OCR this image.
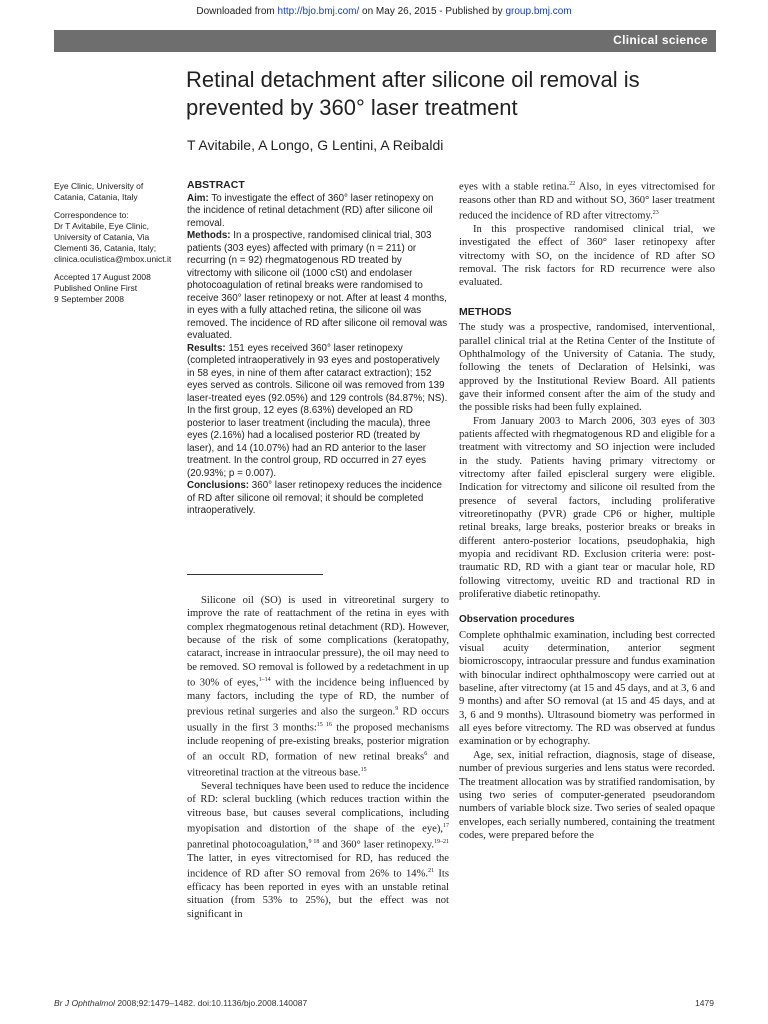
Downloaded from http://bjo.bmj.com/ on May 26, 2015 - Published by group.bmj.com
Clinical science
Retinal detachment after silicone oil removal is prevented by 360° laser treatment
T Avitabile, A Longo, G Lentini, A Reibaldi

Eye Clinic, University of Catania, Catania, Italy

Correspondence to:
Dr T Avitabile, Eye Clinic, University of Catania, Via Clementi 36, Catania, Italy; clinica.oculistica@mbox.unict.it

Accepted 17 August 2008
Published Online First
9 September 2008

ABSTRACT

Aim: To investigate the effect of 360° laser retinopexy on the incidence of retinal detachment (RD) after silicone oil removal.

Methods: In a prospective, randomised clinical trial, 303 patients (303 eyes) affected with primary (n = 211) or recurring (n = 92) rhegmatogenous RD treated by vitrectomy with silicone oil (1000 cSt) and endolaser photocoagulation of retinal breaks were randomised to receive 360° laser retinopexy or not. After at least 4 months, in eyes with a fully attached retina, the silicone oil was removed. The incidence of RD after silicone oil removal was evaluated.

Results: 151 eyes received 360° laser retinopexy (completed intraoperatively in 93 eyes and postoperatively in 58 eyes, in nine of them after cataract extraction); 152 eyes served as controls. Silicone oil was removed from 139 laser-treated eyes (92.05%) and 129 controls (84.87%; NS). In the first group, 12 eyes (8.63%) developed an RD posterior to laser treatment (including the macula), three eyes (2.16%) had a localised posterior RD (treated by laser), and 14 (10.07%) had an RD anterior to the laser treatment. In the control group, RD occurred in 27 eyes (20.93%; p = 0.007).

Conclusions: 360° laser retinopexy reduces the incidence of RD after silicone oil removal; it should be completed intraoperatively.

Silicone oil (SO) is used in vitreoretinal surgery to improve the rate of reattachment of the retina in eyes with complex rhegmatogenous retinal detachment (RD). However, because of the risk of some complications (keratopathy, cataract, increase in intraocular pressure), the oil may need to be removed. SO removal is followed by a redetachment in up to 30% of eyes,$^{1-14}$ with the incidence being influenced by many factors, including the type of RD, the number of previous retinal surgeries and also the surgeon.$^9$ RD occurs usually in the first 3 months:$^{15 16}$ the proposed mechanisms include reopening of pre-existing breaks, posterior migration of an occult RD, formation of new retinal breaks$^6$ and vitreoretinal traction at the vitreous base.$^{15}$

Several techniques have been used to reduce the incidence of RD: scleral buckling (which reduces traction within the vitreous base, but causes several complications, including myopisation and distortion of the shape of the eye),$^{17}$ panretinal photocoagulation,$^{9 18}$ and 360° laser retinopexy.$^{19-21}$ The latter, in eyes vitrectomised for RD, has reduced the incidence of RD after SO removal from 26% to 14%.$^{21}$ Its efficacy has been reported in eyes with an unstable retinal situation (from 53% to 25%), but the effect was not significant in

eyes with a stable retina.$^{22}$ Also, in eyes vitrectomised for reasons other than RD and without SO, 360° laser treatment reduced the incidence of RD after vitrectomy.$^{23}$

In this prospective randomised clinical trial, we investigated the effect of 360° laser retinopexy after vitrectomy with SO, on the incidence of RD after SO removal. The risk factors for RD recurrence were also evaluated.

METHODS

The study was a prospective, randomised, interventional, parallel clinical trial at the Retina Center of the Institute of Ophthalmology of the University of Catania. The study, following the tenets of Declaration of Helsinki, was approved by the Institutional Review Board. All patients gave their informed consent after the aim of the study and the possible risks had been fully explained.

From January 2003 to March 2006, 303 eyes of 303 patients affected with rhegmatogenous RD and eligible for a treatment with vitrectomy and SO injection were included in the study. Patients having primary vitrectomy or vitrectomy after failed episcleral surgery were eligible. Indication for vitrectomy and silicone oil resulted from the presence of several factors, including proliferative vitreoretinopathy (PVR) grade CP6 or higher, multiple retinal breaks, large breaks, posterior breaks or breaks in different antero-posterior locations, pseudophakia, high myopia and recidivant RD. Exclusion criteria were: post-traumatic RD, RD with a giant tear or macular hole, RD following vitrectomy, uveitic RD and tractional RD in proliferative diabetic retinopathy.

Observation procedures

Complete ophthalmic examination, including best corrected visual acuity determination, anterior segment biomicroscopy, intraocular pressure and fundus examination with binocular indirect ophthalmoscopy were carried out at baseline, after vitrectomy (at 15 and 45 days, and at 3, 6 and 9 months) and after SO removal (at 15 and 45 days, and at 3, 6 and 9 months). Ultrasound biometry was performed in all eyes before vitrectomy. The RD was observed at fundus examination or by echography.

Age, sex, initial refraction, diagnosis, stage of disease, number of previous surgeries and lens status were recorded. The treatment allocation was by stratified randomisation, by using two series of computer-generated pseudorandom numbers of variable block size. Two series of sealed opaque envelopes, each serially numbered, containing the treatment codes, were prepared before the

Br J Ophthalmol 2008;92:1479–1482. doi:10.1136/bjo.2008.140087	1479
